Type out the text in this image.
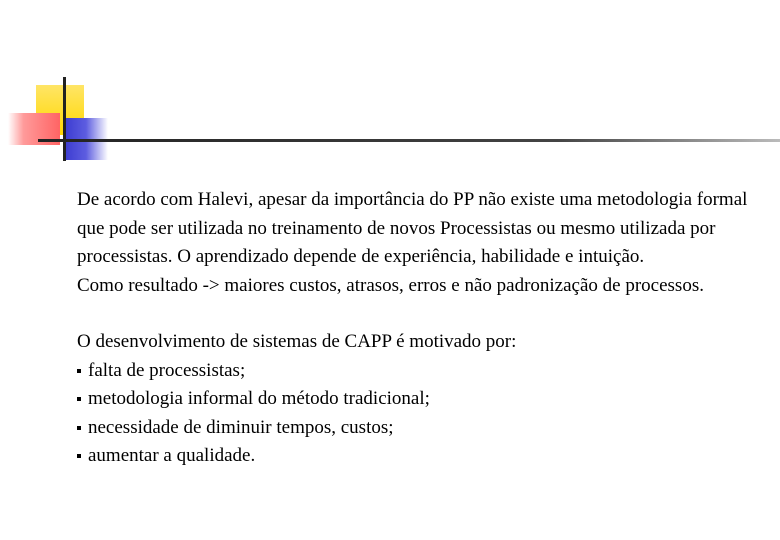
De acordo com Halevi, apesar da importância do PP não existe uma metodologia formal que pode ser utilizada no treinamento de novos Processistas ou mesmo utilizada por processistas. O aprendizado depende de experiência, habilidade e intuição.

Como resultado -> maiores custos, atrasos, erros e não padronização de processos.

O desenvolvimento de sistemas de CAPP é motivado por:

falta de processistas;
metodologia informal do método tradicional;
necessidade de diminuir tempos, custos;
aumentar a qualidade.
